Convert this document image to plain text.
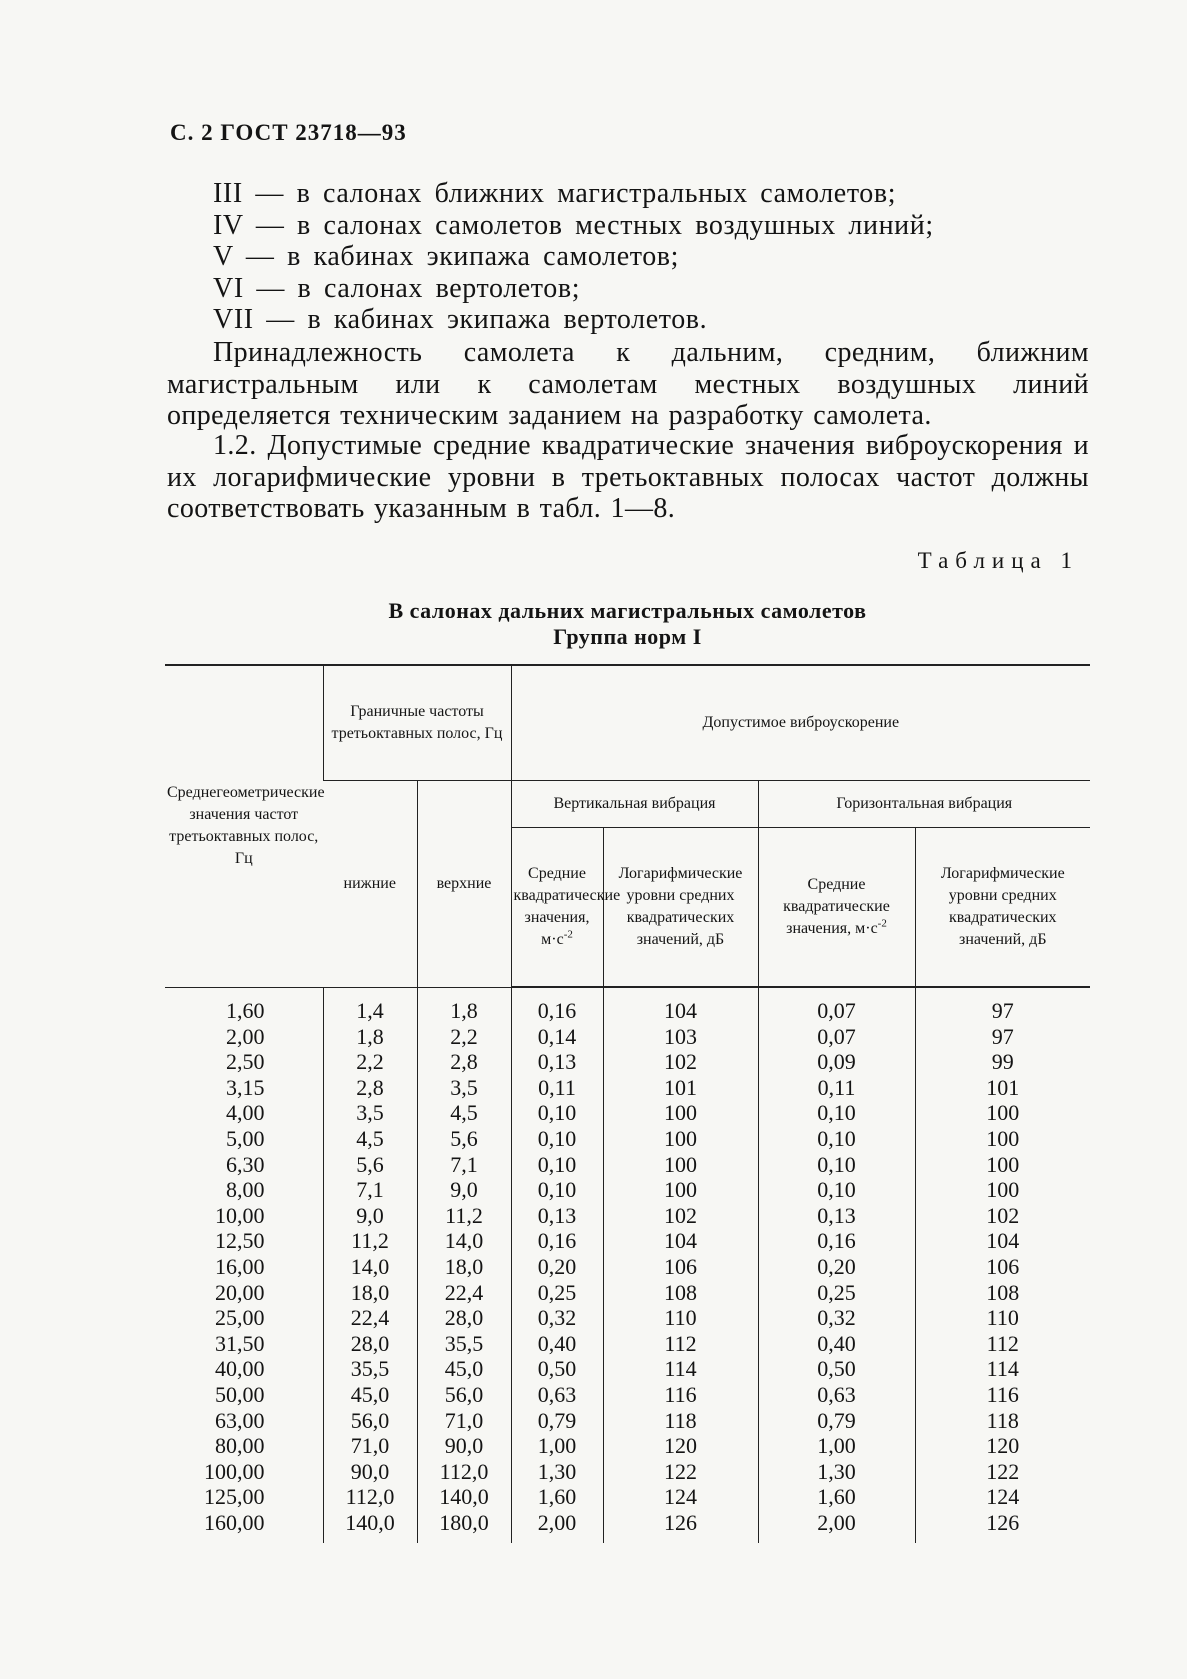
С. 2 ГОСТ 23718—93
III — в салонах ближних магистральных самолетов;
IV — в салонах самолетов местных воздушных линий;
V — в кабинах экипажа самолетов;
VI — в салонах вертолетов;
VII — в кабинах экипажа вертолетов.

Принадлежность самолета к дальним, средним, ближним магистральным или к самолетам местных воздушных линий определяется техническим заданием на разработку самолета.

1.2. Допустимые средние квадратические значения виброускорения и их логарифмические уровни в третьоктавных полосах частот должны соответствовать указанным в табл. 1—8.

Таблица 1
В салонах дальних магистральных самолетов
Группа норм I
Среднегеометрические значения частот третьоктавных полос, Гц	Граничные частоты третьоктавных полос, Гц		Допустимое виброускорение			
	нижние	верхние	Вертикальная вибрация		Горизонтальная вибрация	
			Средние квадратические значения, $м\cdot с^{-2}$	Логарифмические уровни средних квадратических значений, дБ	Средние квадратические значения, $м\cdot с^{-2}$	Логарифмические уровни средних квадратических значений, дБ
1,60	1,4	1,8	0,16	104	0,07	97
2,00	1,8	2,2	0,14	103	0,07	97
2,50	2,2	2,8	0,13	102	0,09	99
3,15	2,8	3,5	0,11	101	0,11	101
4,00	3,5	4,5	0,10	100	0,10	100
5,00	4,5	5,6	0,10	100	0,10	100
6,30	5,6	7,1	0,10	100	0,10	100
8,00	7,1	9,0	0,10	100	0,10	100
10,00	9,0	11,2	0,13	102	0,13	102
12,50	11,2	14,0	0,16	104	0,16	104
16,00	14,0	18,0	0,20	106	0,20	106
20,00	18,0	22,4	0,25	108	0,25	108
25,00	22,4	28,0	0,32	110	0,32	110
31,50	28,0	35,5	0,40	112	0,40	112
40,00	35,5	45,0	0,50	114	0,50	114
50,00	45,0	56,0	0,63	116	0,63	116
63,00	56,0	71,0	0,79	118	0,79	118
80,00	71,0	90,0	1,00	120	1,00	120
100,00	90,0	112,0	1,30	122	1,30	122
125,00	112,0	140,0	1,60	124	1,60	124
160,00	140,0	180,0	2,00	126	2,00	126
